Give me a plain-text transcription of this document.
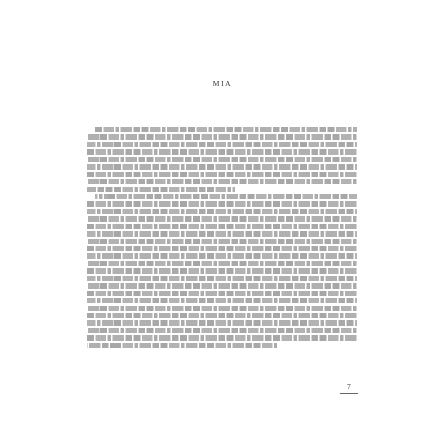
MIA
7
